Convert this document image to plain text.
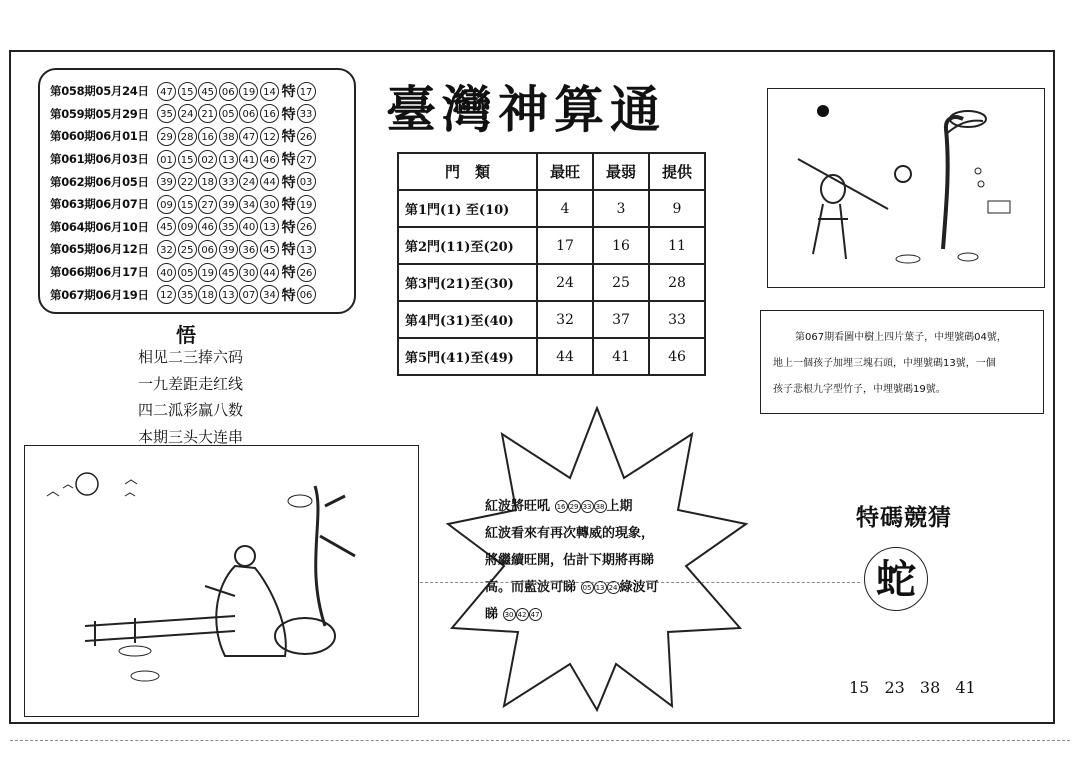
第058期05月24日	47 15 45 06 19 14 特 17
第059期05月29日	35 24 21 05 06 16 特 33
第060期06月01日	29 28 16 38 47 12 特 26
第061期06月03日	01 15 02 13 41 46 特 27
第062期06月05日	39 22 18 33 24 44 特 03
第063期06月07日	09 15 27 39 34 30 特 19
第064期06月10日	45 09 46 35 40 13 特 26
第065期06月12日	32 25 06 39 36 45 特 13
第066期06月17日	40 05 19 45 30 44 特 26
第067期06月19日	12 35 18 13 07 34 特 06
臺灣神算通
門　類	最旺	最弱	提供
第1門(1) 至(10)	4	3	9
第2門(11)至(20)	17	16	11
第3門(21)至(30)	24	25	28
第4門(31)至(40)	32	37	33
第5門(41)至(49)	44	41	46
悟
相见二三捧六码
一九差距走红线
四二泒彩赢八数
本期三头大连串

第067期看圖中樹上四片葉子，中埋號碼04號，

地上一個孩子加埋三塊石頭，中埋號碼13號，一個
孩子悲根九字型竹子，中埋號碼19號。
紅波將旺吼 16 29 33 38 上期
紅波看來有再次轉威的現象，
將繼續旺開，估計下期將再睇
高。而藍波可睇 05 13 24 綠波可
睇 30 42 47
特碼競猜
蛇
15 23 38 41
